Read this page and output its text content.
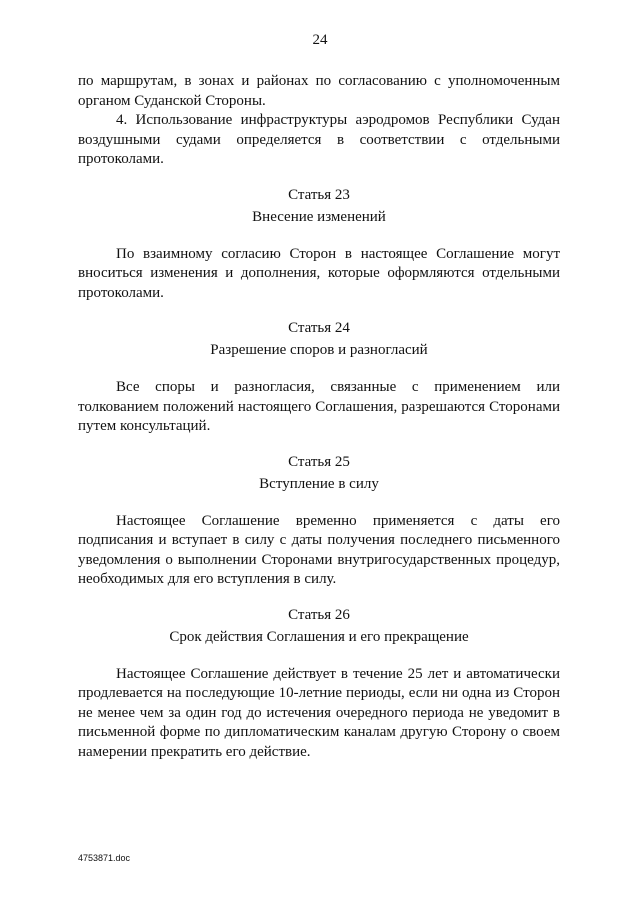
24

по маршрутам, в зонах и районах по согласованию с уполномоченным органом Суданской Стороны.

4. Использование инфраструктуры аэродромов Республики Судан воздушными судами определяется в соответствии с отдельными протоколами.

Статья 23
Внесение изменений

По взаимному согласию Сторон в настоящее Соглашение могут вноситься изменения и дополнения, которые оформляются отдельными протоколами.

Статья 24
Разрешение споров и разногласий

Все споры и разногласия, связанные с применением или толкованием положений настоящего Соглашения, разрешаются Сторонами путем консультаций.

Статья 25
Вступление в силу

Настоящее Соглашение временно применяется с даты его подписания и вступает в силу с даты получения последнего письменного уведомления о выполнении Сторонами внутригосударственных процедур, необходимых для его вступления в силу.

Статья 26
Срок действия Соглашения и его прекращение

Настоящее Соглашение действует в течение 25 лет и автоматически продлевается на последующие 10-летние периоды, если ни одна из Сторон не менее чем за один год до истечения очередного периода не уведомит в письменной форме по дипломатическим каналам другую Сторону о своем намерении прекратить его действие.

4753871.doc
